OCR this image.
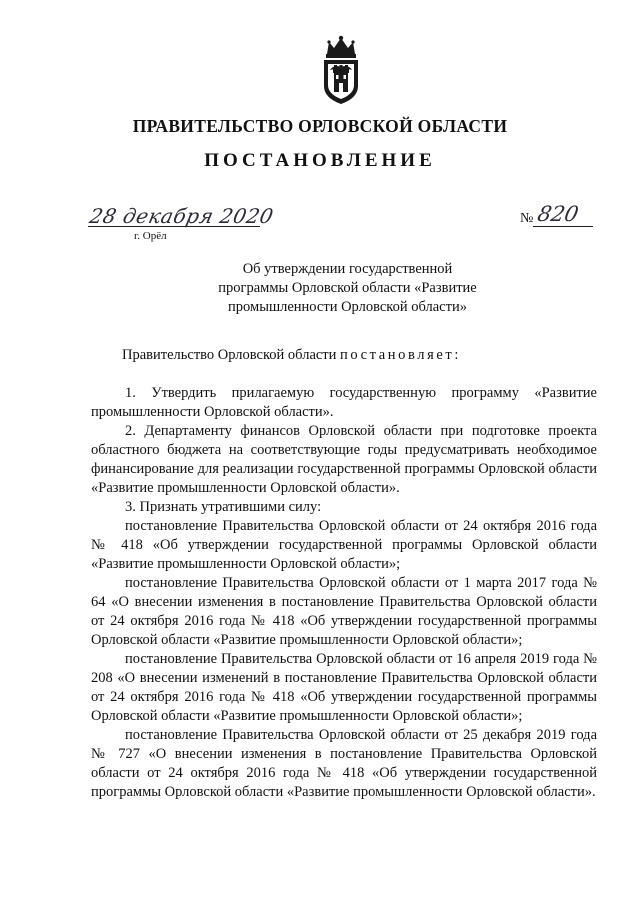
ПРАВИТЕЛЬСТВО ОРЛОВСКОЙ ОБЛАСТИ
ПОСТАНОВЛЕНИЕ
28 декабря 2020
г. Орёл
№ 820
Об утверждении государственной
программы Орловской области «Развитие
промышленности Орловской области»

Правительство Орловской области постановляет:

1. Утвердить прилагаемую государственную программу «Развитие промышленности Орловской области».

2. Департаменту финансов Орловской области при подготовке проекта областного бюджета на соответствующие годы предусматривать необходимое финансирование для реализации государственной программы Орловской области «Развитие промышленности Орловской области».

3. Признать утратившими силу:

постановление Правительства Орловской области от 24 октября 2016 года № 418 «Об утверждении государственной программы Орловской области «Развитие промышленности Орловской области»;

постановление Правительства Орловской области от 1 марта 2017 года № 64 «О внесении изменения в постановление Правительства Орловской области от 24 октября 2016 года № 418 «Об утверждении государственной программы Орловской области «Развитие промышленности Орловской области»;

постановление Правительства Орловской области от 16 апреля 2019 года № 208 «О внесении изменений в постановление Правительства Орловской области от 24 октября 2016 года № 418 «Об утверждении государственной программы Орловской области «Развитие промышленности Орловской области»;

постановление Правительства Орловской области от 25 декабря 2019 года № 727 «О внесении изменения в постановление Правительства Орловской области от 24 октября 2016 года № 418 «Об утверждении государственной программы Орловской области «Развитие промышленности Орловской области».
